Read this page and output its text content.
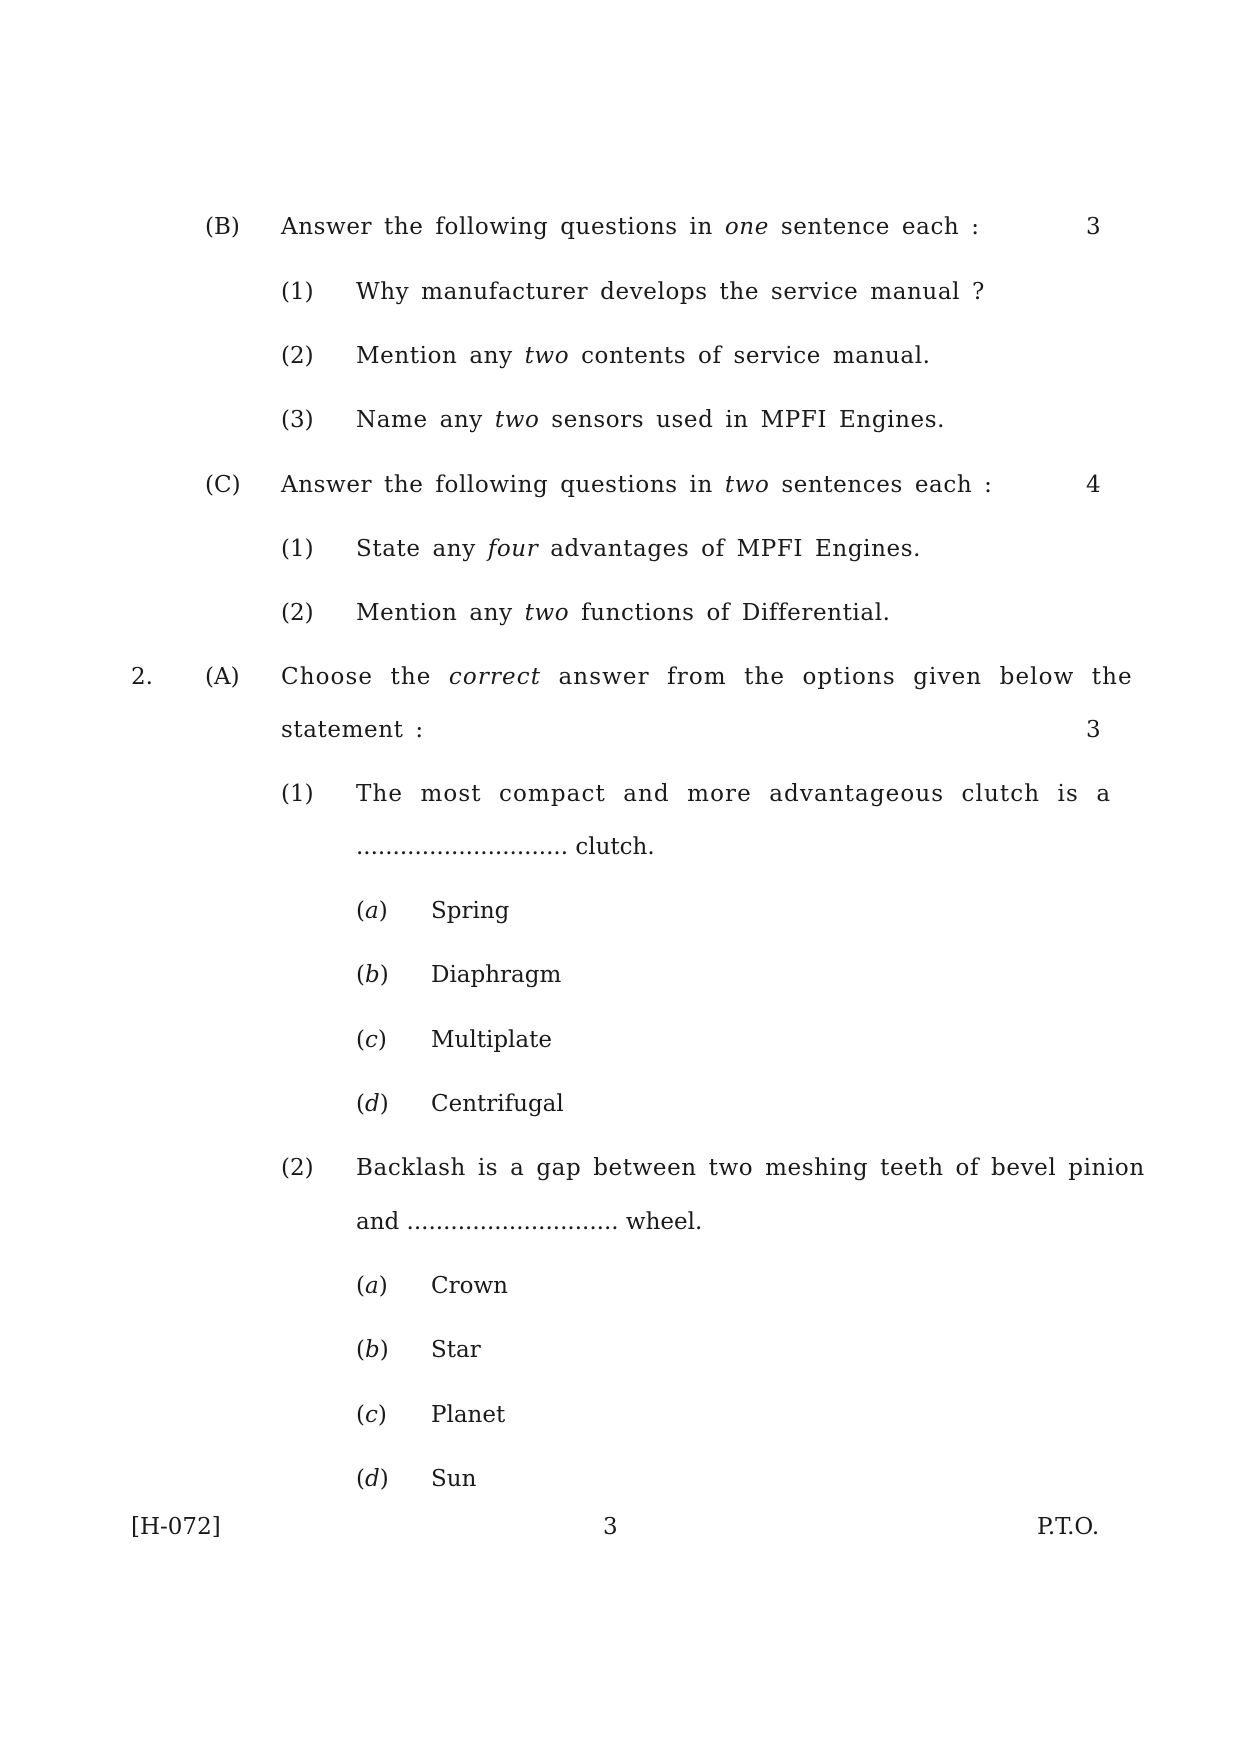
(B) Answer the following questions in one sentence each :	3
(1) Why manufacturer develops the service manual ?
(2) Mention any two contents of service manual.
(3) Name any two sensors used in MPFI Engines.
(C) Answer the following questions in two sentences each :	4
(1) State any four advantages of MPFI Engines.
(2) Mention any two functions of Differential.
2. (A) Choose the correct answer from the options given below the
statement :	3
(1) The most compact and more advantageous clutch is a
............................. clutch.
(a) Spring
(b) Diaphragm
(c) Multiplate
(d) Centrifugal
(2) Backlash is a gap between two meshing teeth of bevel pinion
and ............................. wheel.
(a) Crown
(b) Star
(c) Planet
(d) Sun
[H-072]	3	P.T.O.
